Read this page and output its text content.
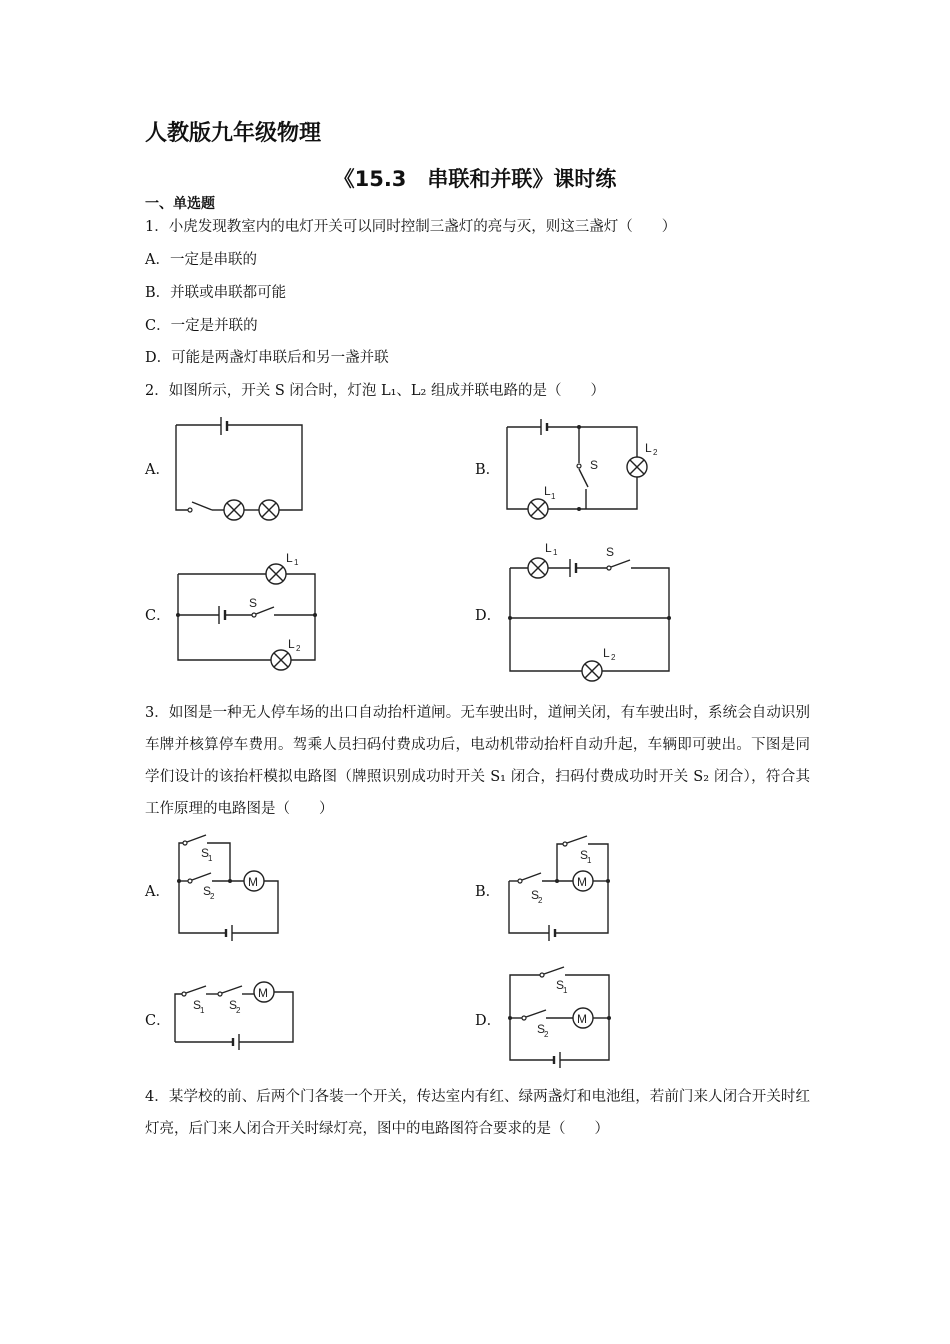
人教版九年级物理
《15.3　串联和并联》课时练
一、单选题
1．小虎发现教室内的电灯开关可以同时控制三盏灯的亮与灭，则这三盏灯（　　）
A．一定是串联的
B．并联或串联都可能
C．一定是并联的
D．可能是两盏灯串联后和另一盏并联
2．如图所示，开关 S 闭合时，灯泡 L₁、L₂ 组成并联电路的是（　　）
A．	B．
C．	D．
S
L 1
L 2
S
L 1
L 2
L 1	S
L 2
3．如图是一种无人停车场的出口自动抬杆道闸。无车驶出时，道闸关闭，有车驶出时，系统会自动识别车牌并核算停车费用。驾乘人员扫码付费成功后，电动机带动抬杆自动升起，车辆即可驶出。下图是同学们设计的该抬杆模拟电路图（牌照识别成功时开关 S₁ 闭合，扫码付费成功时开关 S₂ 闭合），符合其工作原理的电路图是（　　）
A．	B．
C．	D．
M
S
1
S
2
M
S
1
S
2
M
S
1 S
2
M
S
1
S
2
4．某学校的前、后两个门各装一个开关，传达室内有红、绿两盏灯和电池组，若前门来人闭合开关时红灯亮，后门来人闭合开关时绿灯亮，图中的电路图符合要求的是（　　）
